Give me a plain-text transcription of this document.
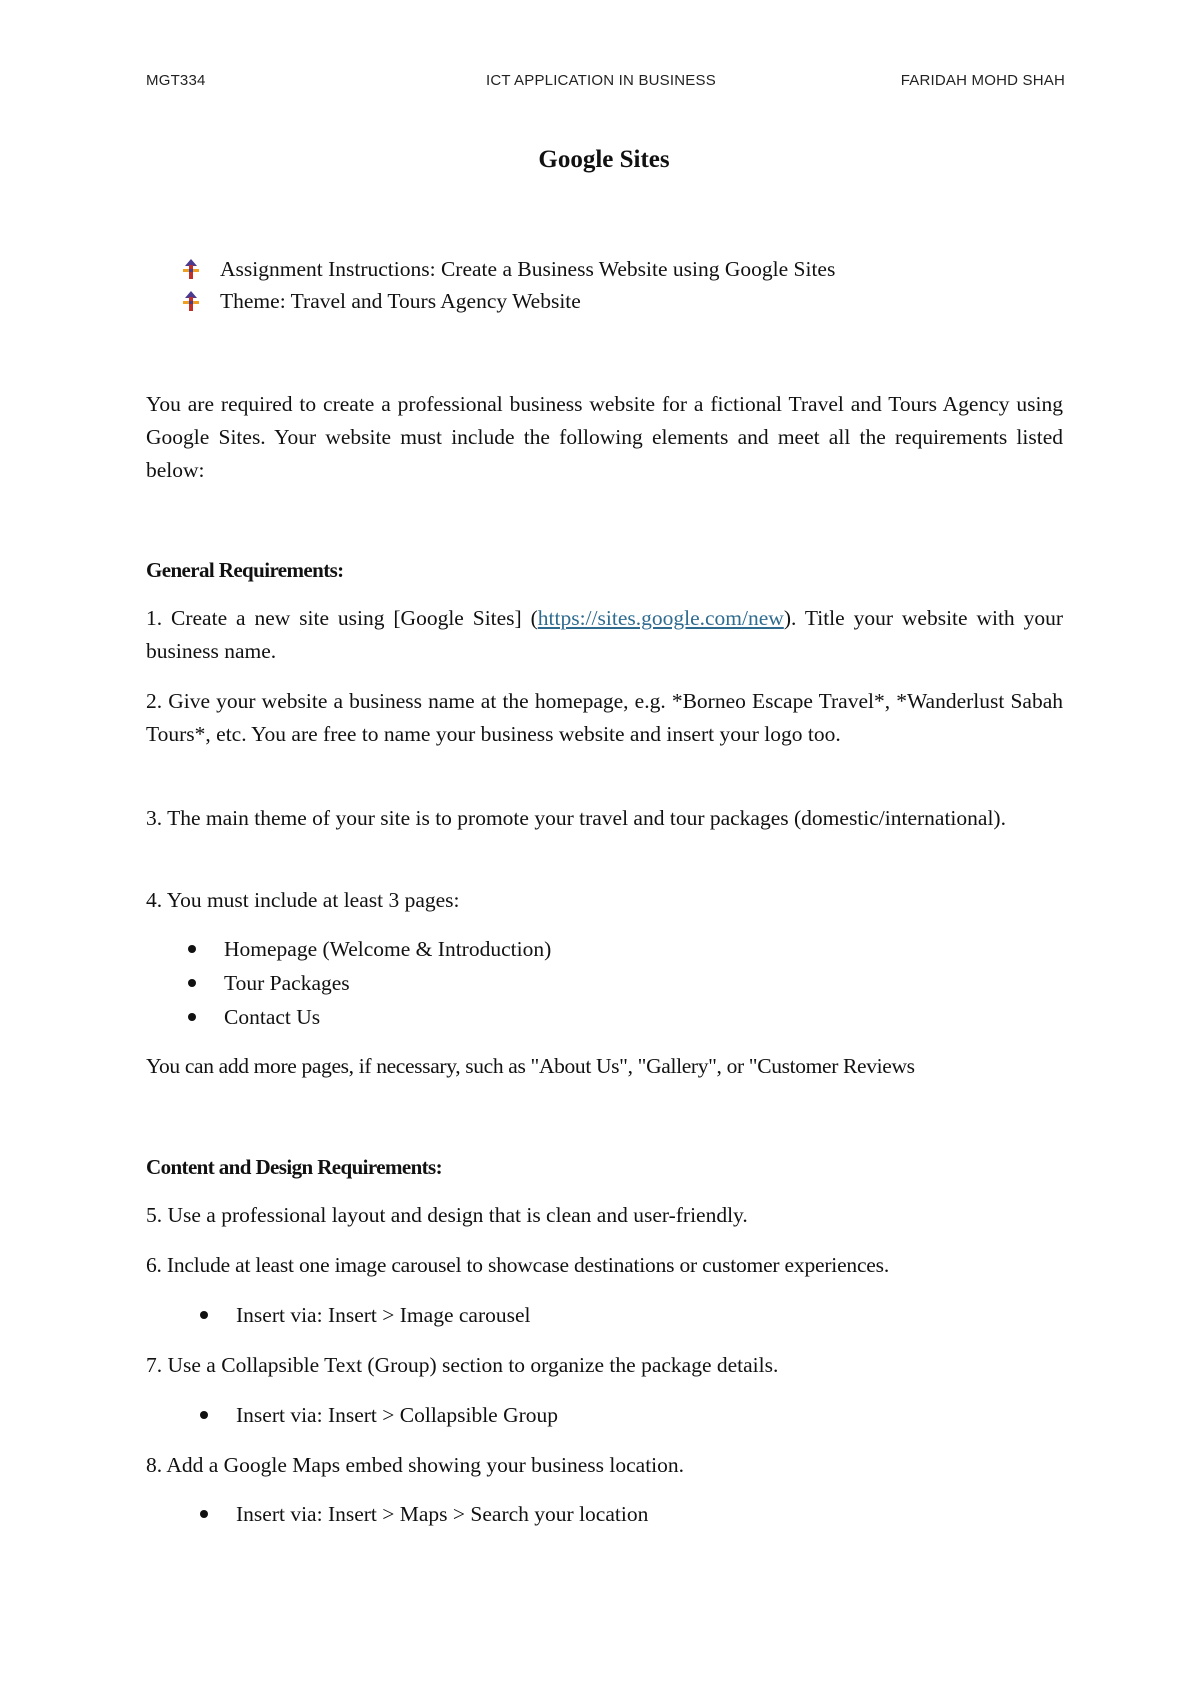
MGT334	ICT APPLICATION IN BUSINESS	FARIDAH MOHD SHAH
Google Sites
Assignment Instructions: Create a Business Website using Google Sites
Theme: Travel and Tours Agency Website

You are required to create a professional business website for a fictional Travel and Tours Agency using Google Sites. Your website must include the following elements and meet all the requirements listed below:

General Requirements:

1. Create a new site using [Google Sites] (https://sites.google.com/new). Title your website with your business name.

2. Give your website a business name at the homepage, e.g. *Borneo Escape Travel*, *Wanderlust Sabah Tours*, etc. You are free to name your business website and insert your logo too.

3. The main theme of your site is to promote your travel and tour packages (domestic/international).

4. You must include at least 3 pages:

Homepage (Welcome & Introduction)
Tour Packages
Contact Us

You can add more pages, if necessary, such as "About Us", "Gallery", or "Customer Reviews

Content and Design Requirements:

5. Use a professional layout and design that is clean and user-friendly.

6. Include at least one image carousel to showcase destinations or customer experiences.

Insert via: Insert > Image carousel

7. Use a Collapsible Text (Group) section to organize the package details.

Insert via: Insert > Collapsible Group

8. Add a Google Maps embed showing your business location.

Insert via: Insert > Maps > Search your location
